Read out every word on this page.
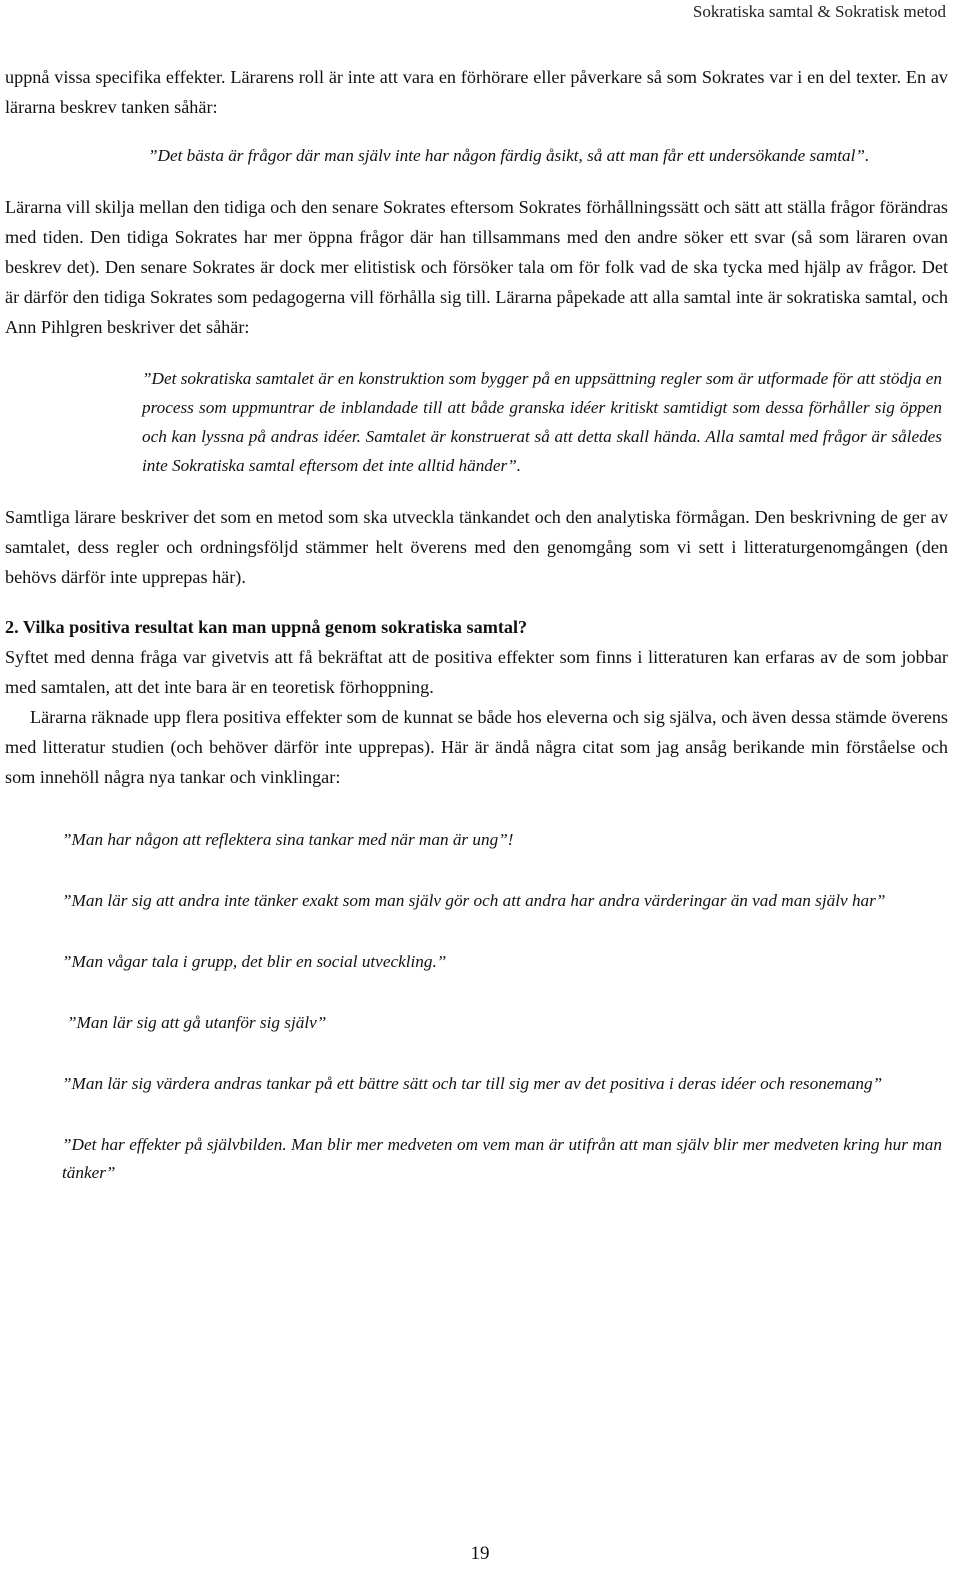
Sokratiska samtal & Sokratisk metod

uppnå vissa specifika effekter. Lärarens roll är inte att vara en förhörare eller påverkare så som Sokrates var i en del texter. En av lärarna beskrev tanken såhär:

”Det bästa är frågor där man själv inte har någon färdig åsikt, så att man får ett undersökande samtal”.

Lärarna vill skilja mellan den tidiga och den senare Sokrates eftersom Sokrates förhållningssätt och sätt att ställa frågor förändras med tiden. Den tidiga Sokrates har mer öppna frågor där han tillsammans med den andre söker ett svar (så som läraren ovan beskrev det). Den senare Sokrates är dock mer elitistisk och försöker tala om för folk vad de ska tycka med hjälp av frågor. Det är därför den tidiga Sokrates som pedagogerna vill förhålla sig till. Lärarna påpekade att alla samtal inte är sokratiska samtal, och Ann Pihlgren beskriver det såhär:

”Det sokratiska samtalet är en konstruktion som bygger på en uppsättning regler som är utformade för att stödja en process som uppmuntrar de inblandade till att både granska idéer kritiskt samtidigt som dessa förhåller sig öppen och kan lyssna på andras idéer. Samtalet är konstruerat så att detta skall hända. Alla samtal med frågor är således inte Sokratiska samtal eftersom det inte alltid händer”.

Samtliga lärare beskriver det som en metod som ska utveckla tänkandet och den analytiska förmågan. Den beskrivning de ger av samtalet, dess regler och ordningsföljd stämmer helt överens med den genomgång som vi sett i litteraturgenomgången (den behövs därför inte upprepas här).

2. Vilka positiva resultat kan man uppnå genom sokratiska samtal?

Syftet med denna fråga var givetvis att få bekräftat att de positiva effekter som finns i litteraturen kan erfaras av de som jobbar med samtalen, att det inte bara är en teoretisk förhoppning.

Lärarna räknade upp flera positiva effekter som de kunnat se både hos eleverna och sig själva, och även dessa stämde överens med litteratur studien (och behöver därför inte upprepas). Här är ändå några citat som jag ansåg berikande min förståelse och som innehöll några nya tankar och vinklingar:

”Man har någon att reflektera sina tankar med när man är ung”!

”Man lär sig att andra inte tänker exakt som man själv gör och att andra har andra värderingar än vad man själv har”

”Man vågar tala i grupp, det blir en social utveckling.”

”Man lär sig att gå utanför sig själv”

”Man lär sig värdera andras tankar på ett bättre sätt och tar till sig mer av det positiva i deras idéer och resonemang”

”Det har effekter på självbilden. Man blir mer medveten om vem man är utifrån att man själv blir mer medveten kring hur man tänker”

19
